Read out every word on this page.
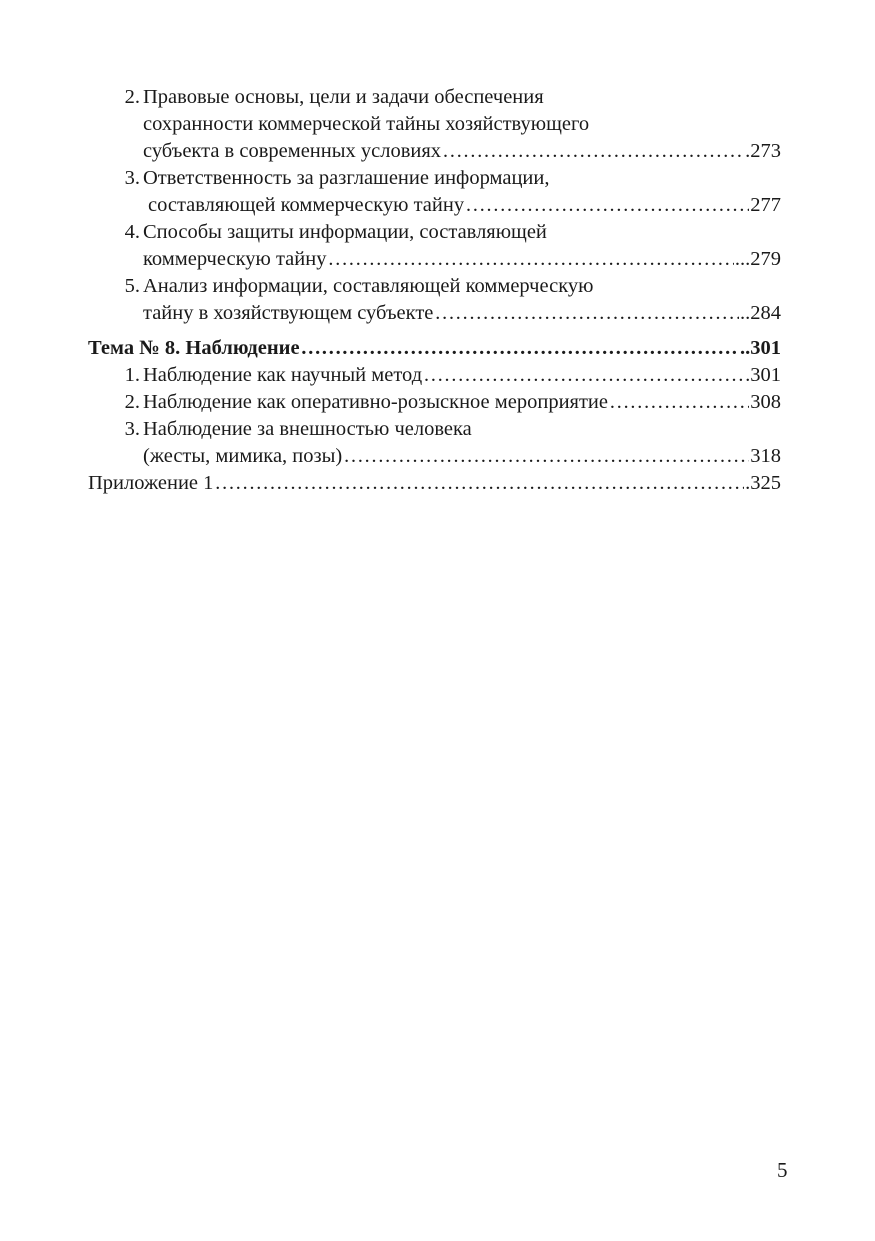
2. Правовые основы, цели и задачи обеспечения
сохранности коммерческой тайны хозяйствующего
субъекта в современных условиях ……………………………………………………………………………………………………………………	.273
3. Ответственность за разглашение информации,
составляющей коммерческую тайну ……………………………………………………………………………………………………………………	277
4. Способы защиты информации, составляющей
коммерческую тайну ……………………………………………………………………………………………………………………	...279
5. Анализ информации, составляющей коммерческую
тайну в хозяйствующем субъекте ……………………………………………………………………………………………………………………	..284
Тема № 8. Наблюдение ……………………………………………………………………………………………………………………	..301
1. Наблюдение как научный метод ……………………………………………………………………………………………………………………	301
2. Наблюдение как оперативно-розыскное мероприятие ……………………………………………………………………………………………………………………	308
3. Наблюдение за внешностью человека
(жесты, мимика, позы) ……………………………………………………………………………………………………………………	318
Приложение 1 ……………………………………………………………………………………………………………………	.325
5
